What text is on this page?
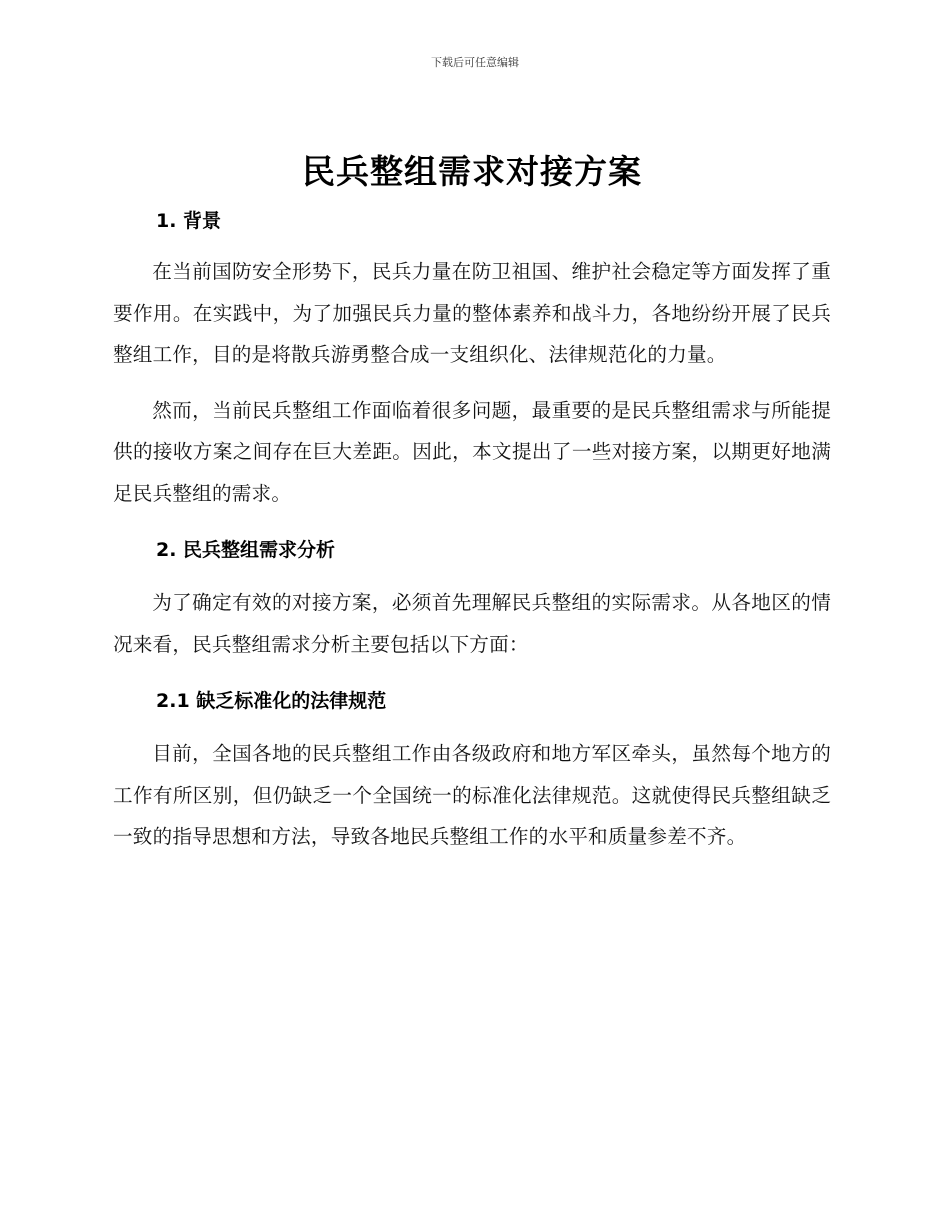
下载后可任意编辑
民兵整组需求对接方案
1. 背景

在当前国防安全形势下，民兵力量在防卫祖国、维护社会稳定等方面发挥了重要作用。在实践中，为了加强民兵力量的整体素养和战斗力，各地纷纷开展了民兵整组工作，目的是将散兵游勇整合成一支组织化、法律规范化的力量。

然而，当前民兵整组工作面临着很多问题，最重要的是民兵整组需求与所能提供的接收方案之间存在巨大差距。因此，本文提出了一些对接方案，以期更好地满足民兵整组的需求。

2. 民兵整组需求分析

为了确定有效的对接方案，必须首先理解民兵整组的实际需求。从各地区的情况来看，民兵整组需求分析主要包括以下方面：

2.1 缺乏标准化的法律规范

目前，全国各地的民兵整组工作由各级政府和地方军区牵头，虽然每个地方的工作有所区别，但仍缺乏一个全国统一的标准化法律规范。这就使得民兵整组缺乏一致的指导思想和方法，导致各地民兵整组工作的水平和质量参差不齐。
